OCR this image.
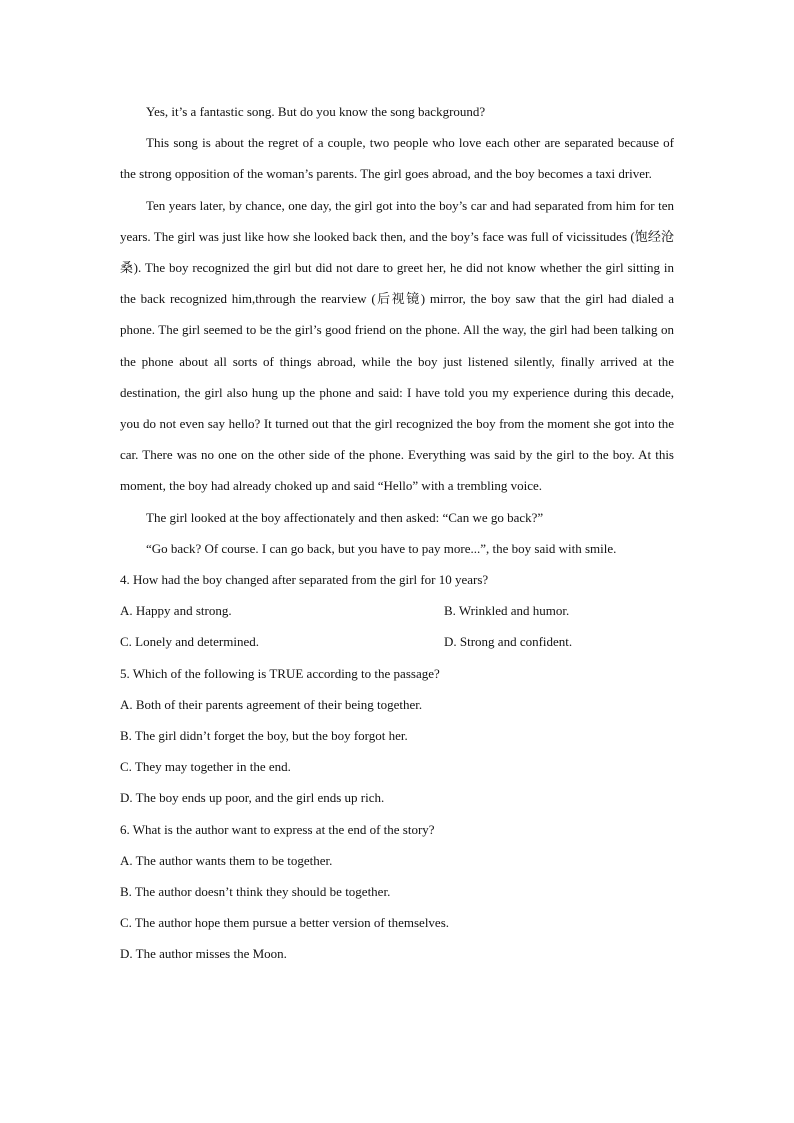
Yes, it’s a fantastic song. But do you know the song background?

This song is about the regret of a couple, two people who love each other are separated because of the strong opposition of the woman’s parents. The girl goes abroad, and the boy becomes a taxi driver.

Ten years later, by chance, one day, the girl got into the boy’s car and had separated from him for ten years. The girl was just like how she looked back then, and the boy’s face was full of vicissitudes (饱经沧桑). The boy recognized the girl but did not dare to greet her, he did not know whether the girl sitting in the back recognized him,through the rearview (后视镜) mirror, the boy saw that the girl had dialed a phone. The girl seemed to be the girl’s good friend on the phone. All the way, the girl had been talking on the phone about all sorts of things abroad, while the boy just listened silently, finally arrived at the destination, the girl also hung up the phone and said: I have told you my experience during this decade, you do not even say hello? It turned out that the girl recognized the boy from the moment she got into the car. There was no one on the other side of the phone. Everything was said by the girl to the boy. At this moment, the boy had already choked up and said “Hello” with a trembling voice.

The girl looked at the boy affectionately and then asked: “Can we go back?”

“Go back? Of course. I can go back, but you have to pay more...”, the boy said with smile.

4. How had the boy changed after separated from the girl for 10 years?

A. Happy and strong.	B. Wrinkled and humor.
C. Lonely and determined.	D. Strong and confident.

5. Which of the following is TRUE according to the passage?

A. Both of their parents agreement of their being together.

B. The girl didn’t forget the boy, but the boy forgot her.

C. They may together in the end.

D. The boy ends up poor, and the girl ends up rich.

6. What is the author want to express at the end of the story?

A. The author wants them to be together.

B. The author doesn’t think they should be together.

C. The author hope them pursue a better version of themselves.

D. The author misses the Moon.
